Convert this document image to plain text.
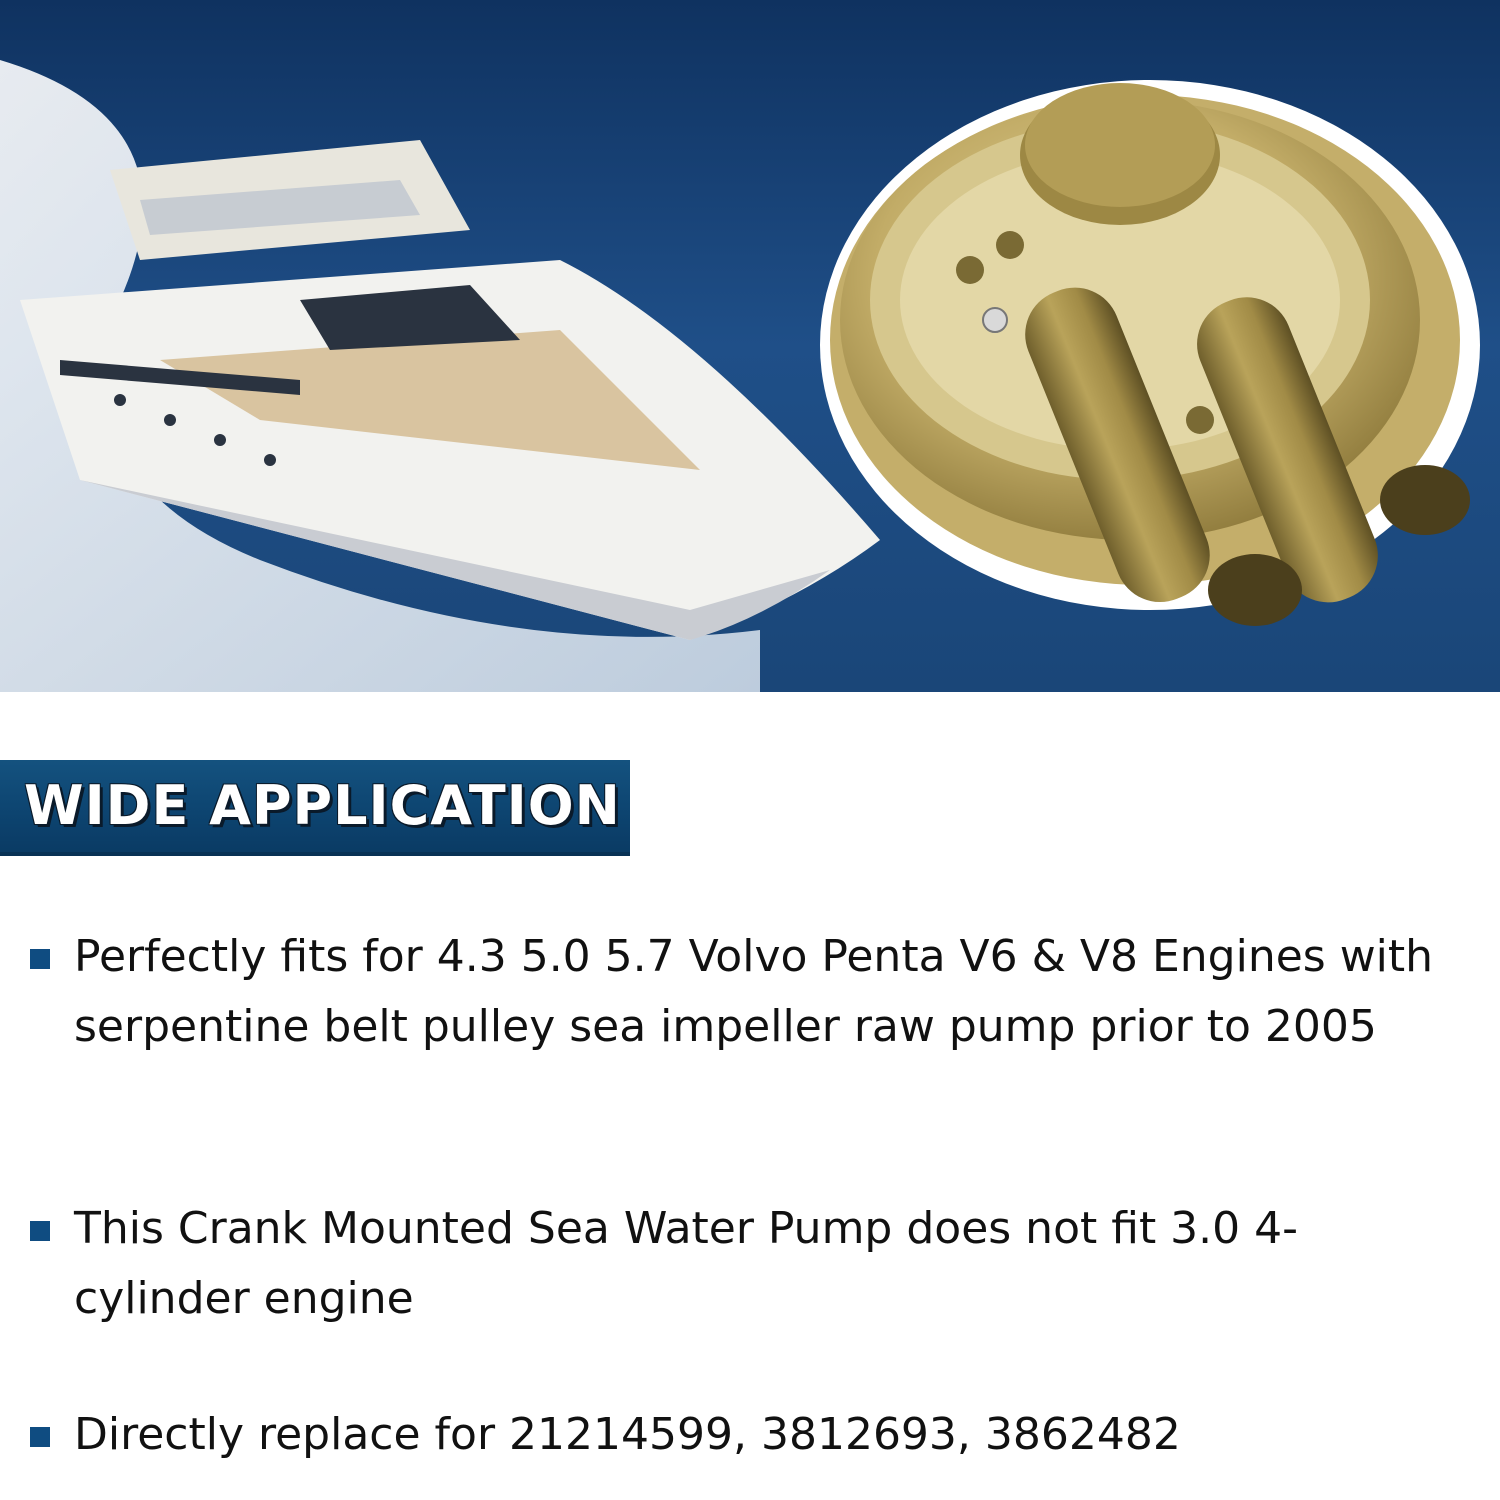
WIDE APPLICATION
Perfectly fits for 4.3 5.0 5.7 Volvo Penta V6 & V8 Engines with serpentine belt pulley sea impeller raw pump prior to 2005
This Crank Mounted Sea Water Pump does not fit 3.0 4-cylinder engine
Directly replace for 21214599, 3812693, 3862482
